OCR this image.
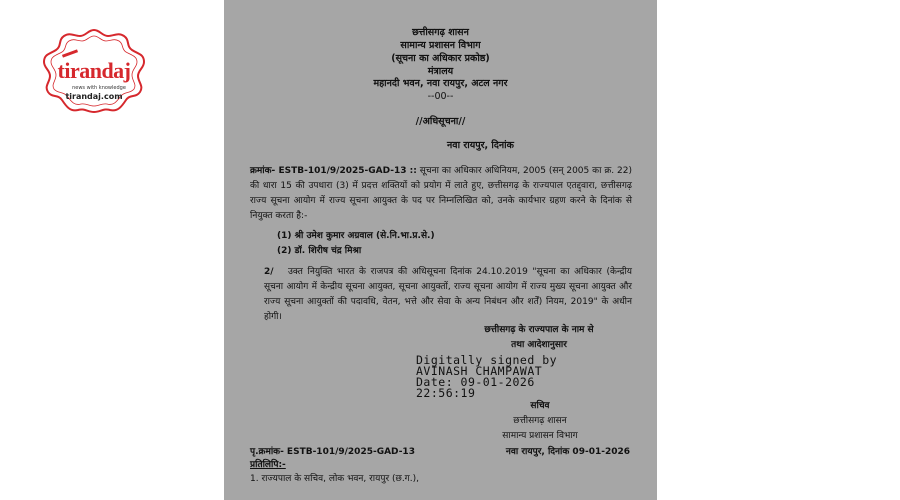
tirandaj
news with knowledge
tirandaj.com
छत्तीसगढ़ शासन
सामान्य प्रशासन विभाग
(सूचना का अधिकार प्रकोष्ठ)
मंत्रालय
महानदी भवन, नवा रायपुर, अटल नगर
--00--
//अधिसूचना//
नवा रायपुर, दिनांक
क्रमांक- ESTB-101/9/2025-GAD-13 :: सूचना का अधिकार अधिनियम, 2005 (सन् 2005 का क्र. 22) की धारा 15 की उपधारा (3) में प्रदत्त शक्तियों को प्रयोग में लाते हुए, छत्तीसगढ़ के राज्यपाल एतद्द्वारा, छत्तीसगढ़ राज्य सूचना आयोग में राज्य सूचना आयुक्त के पद पर निम्नलिखित को, उनके कार्यभार ग्रहण करने के दिनांक से नियुक्त करता है:-
(1) श्री उमेश कुमार अग्रवाल (से.नि.भा.प्र.से.)
(2) डॉ. शिरीष चंद्र मिश्रा
उक्त नियुक्ति भारत के राजपत्र की अधिसूचना दिनांक 24.10.2019 "सूचना का अधिकार (केन्द्रीय सूचना आयोग में केन्द्रीय सूचना आयुक्त, सूचना आयुक्तों, राज्य सूचना आयोग में राज्य मुख्य सूचना आयुक्त और राज्य सूचना आयुक्तों की पदावधि, वेतन, भत्ते और सेवा के अन्य निबंधन और शर्तें) नियम, 2019" के अधीन होगी।
2/
छत्तीसगढ़ के राज्यपाल के नाम से
तथा आदेशानुसार
Digitally signed by
AVINASH CHAMPAWAT
Date: 09-01-2026
22:56:19
सचिव
छत्तीसगढ़ शासन
सामान्य प्रशासन विभाग
पृ.क्रमांक- ESTB-101/9/2025-GAD-13	नवा रायपुर, दिनांक 09-01-2026
प्रतिलिपि:-
1. राज्यपाल के सचिव, लोक भवन, रायपुर (छ.ग.),
